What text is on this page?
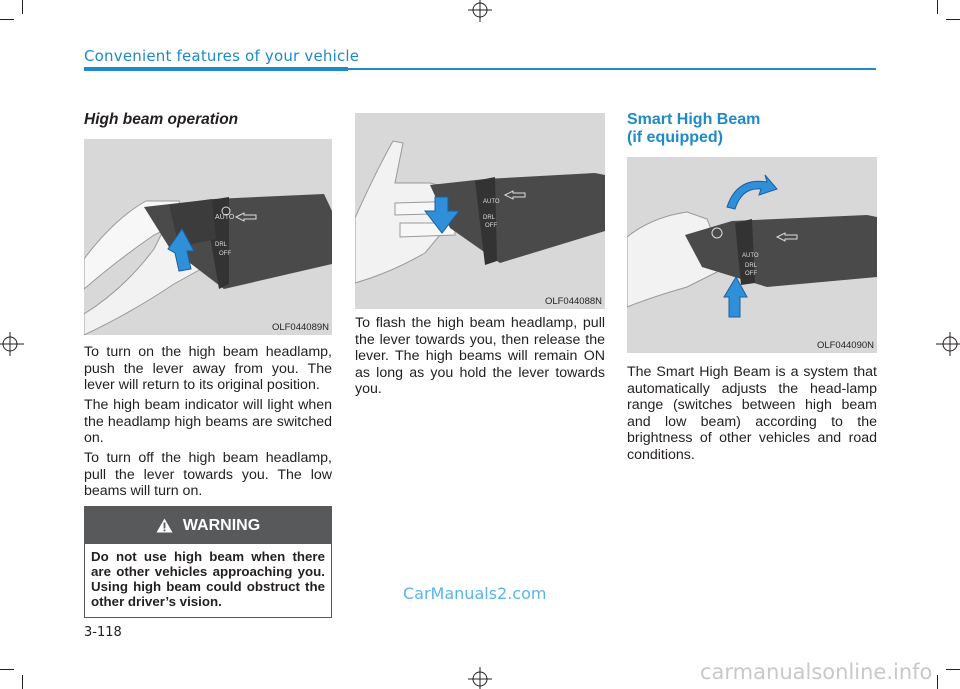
Convenient features of your vehicle
High beam operation
AUTO
DRL
OFF
OLF044089N

To turn on the high beam headlamp, push the lever away from you. The lever will return to its original position.

The high beam indicator will light when the headlamp high beams are switched on.

To turn off the high beam headlamp, pull the lever towards you. The low beams will turn on.

WARNING

Do not use high beam when there are other vehicles approaching you. Using high beam could obstruct the other driver’s vision.

AUTO
DRL
OFF
OLF044088N

To flash the high beam headlamp, pull the lever towards you, then release the lever. The high beams will remain ON as long as you hold the lever towards you.

Smart High Beam
(if equipped)
AUTO
DRL
OFF
OLF044090N

The Smart High Beam is a system that automatically adjusts the head-lamp range (switches between high beam and low beam) according to the brightness of other vehicles and road conditions.

3-118
CarManuals2.com
carmanualsonline.info
